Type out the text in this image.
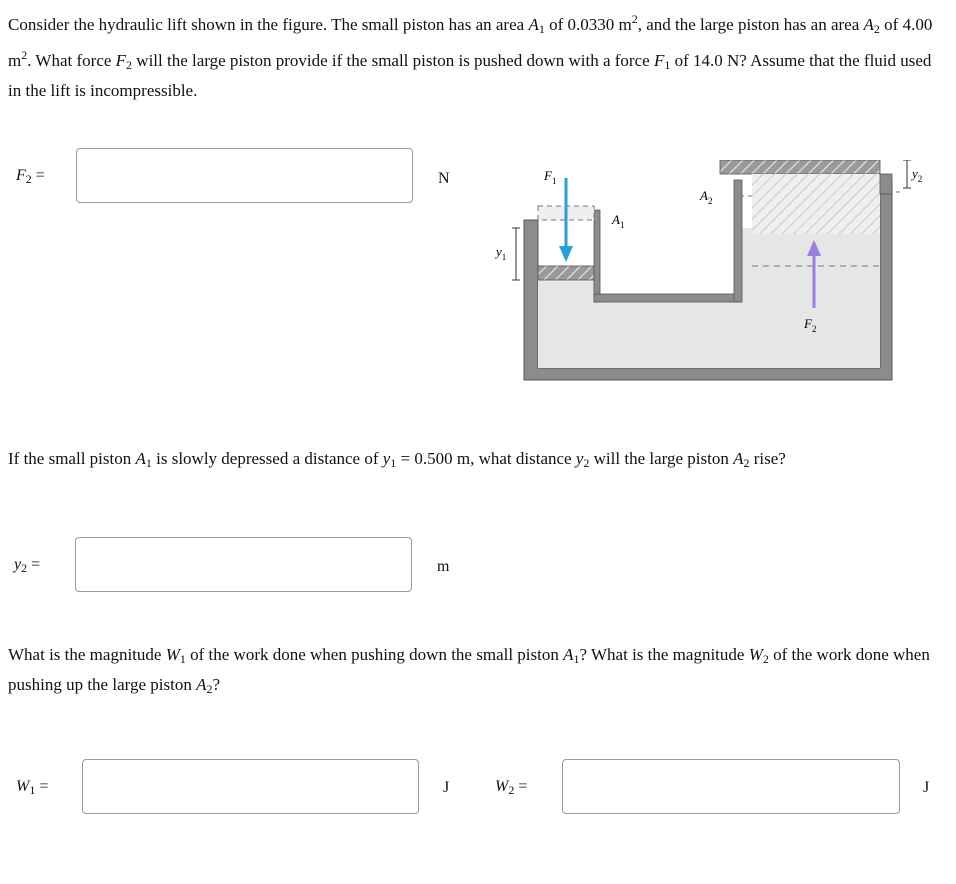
Consider the hydraulic lift shown in the figure. The small piston has an area $A_1$ of 0.0330 $m^2$, and the large piston has an area $A_2$ of 4.00 $m^2$. What force $F_2$ will the large piston provide if the small piston is pushed down with a force $F_1$ of 14.0 N? Assume that the fluid used in the lift is incompressible.

$F_2$ =	N	$F_1$
$A_1$
$A_2$
$y_1$
$y_2$
$F_2$

If the small piston $A_1$ is slowly depressed a distance of $y_1 = 0.500$ m, what distance $y_2$ will the large piston $A_2$ rise?

$y_2$ =	m

What is the magnitude $W_1$ of the work done when pushing down the small piston $A_1$? What is the magnitude $W_2$ of the work done when pushing up the large piston $A_2$?

$W_1$ =	J	$W_2$ =	J
